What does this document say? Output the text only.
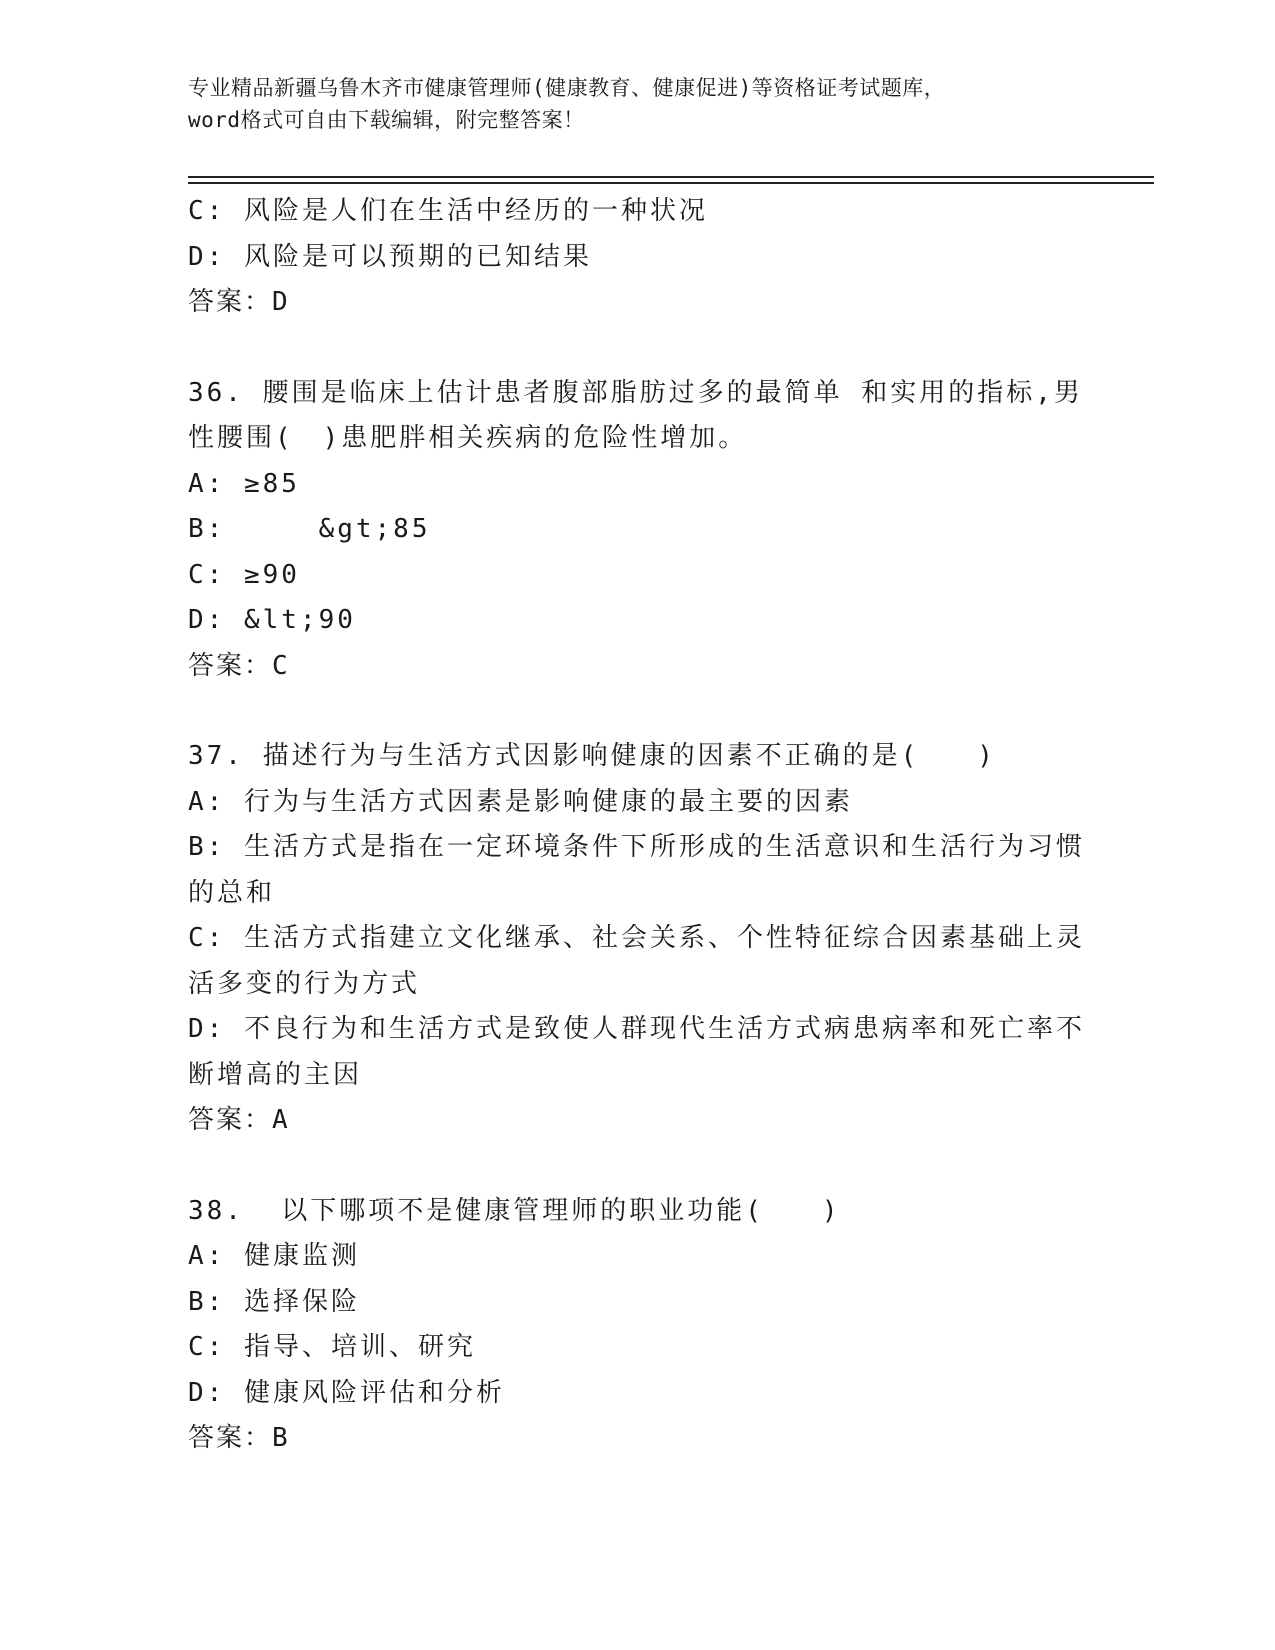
专业精品新疆乌鲁木齐市健康管理师(健康教育、健康促进)等资格证考试题库，

word格式可自由下载编辑，附完整答案！

C: 风险是人们在生活中经历的一种状况

D: 风险是可以预期的已知结果

答案：D

36. 腰围是临床上估计患者腹部脂肪过多的最简单 和实用的指标,男

性腰围(　)患肥胖相关疾病的危险性增加。

A: ≥85

B:     &gt;85

C: ≥90

D: &lt;90

答案：C

37. 描述行为与生活方式因影响健康的因素不正确的是(　　)

A: 行为与生活方式因素是影响健康的最主要的因素

B: 生活方式是指在一定环境条件下所形成的生活意识和生活行为习惯

的总和

C: 生活方式指建立文化继承、社会关系、个性特征综合因素基础上灵

活多变的行为方式

D: 不良行为和生活方式是致使人群现代生活方式病患病率和死亡率不

断增高的主因

答案：A

38.  以下哪项不是健康管理师的职业功能(　　)

A: 健康监测

B: 选择保险

C: 指导、培训、研究

D: 健康风险评估和分析

答案：B
